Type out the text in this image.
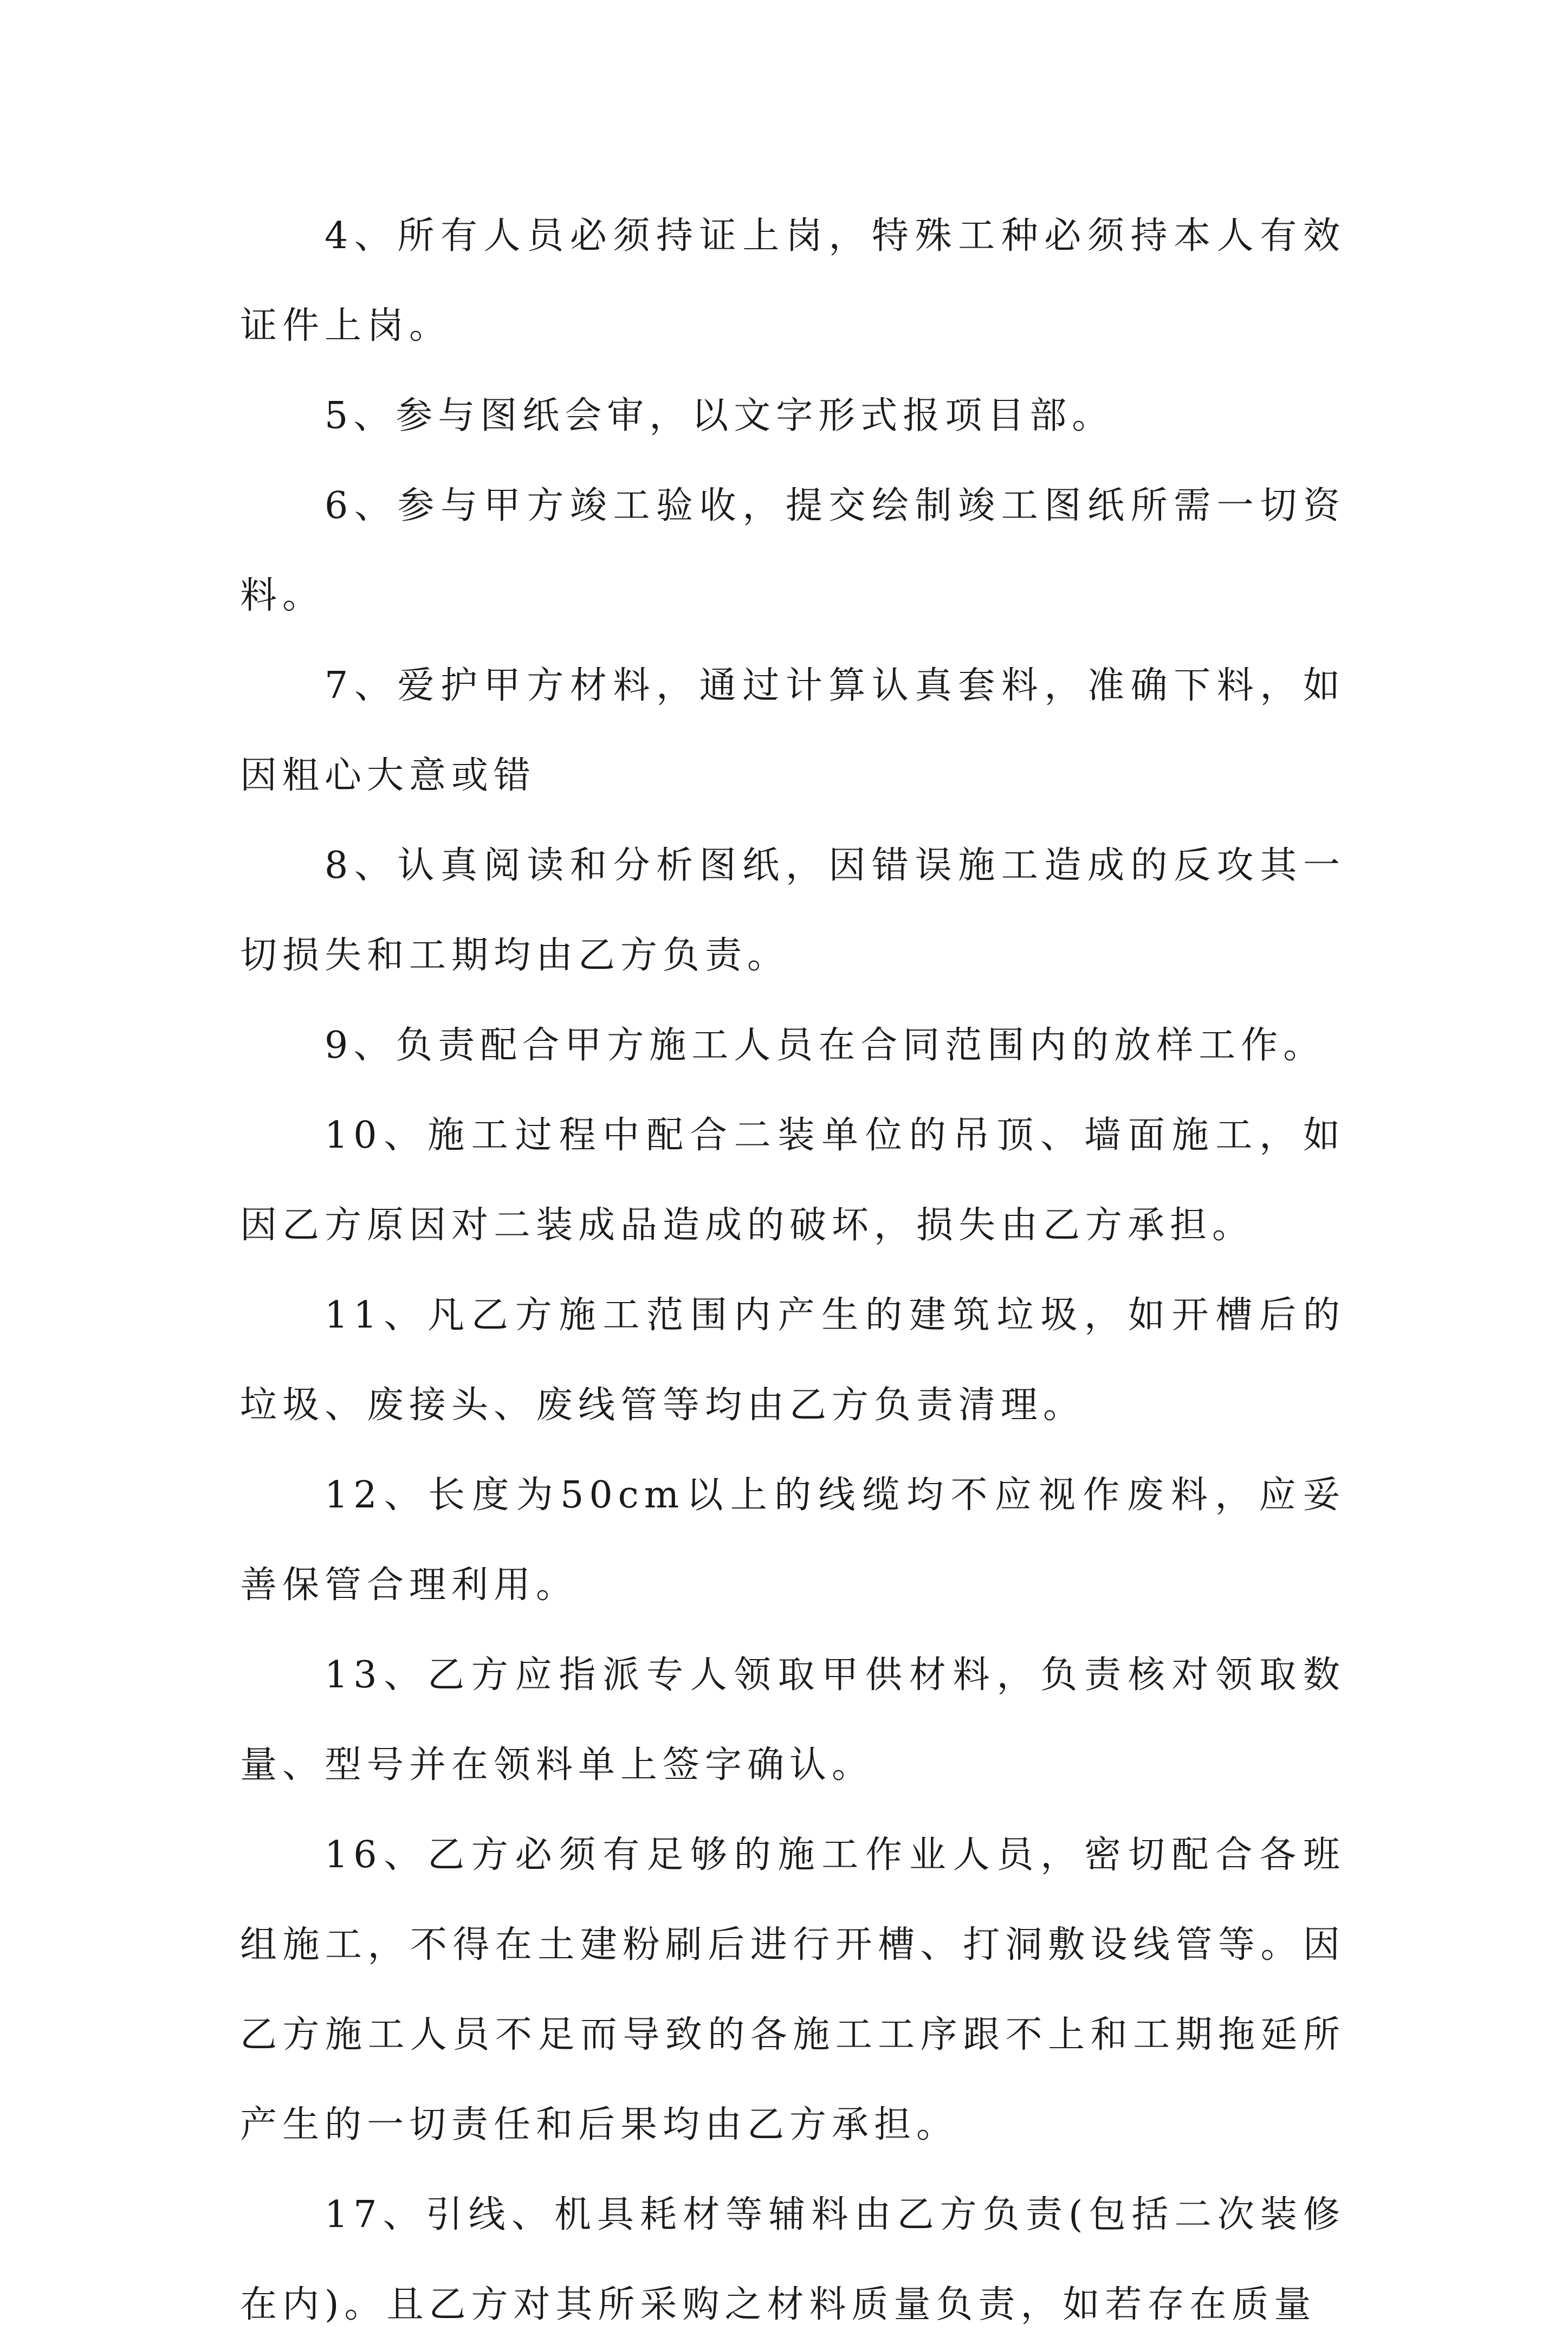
4、所有人员必须持证上岗，特殊工种必须持本人有效证件上岗。

5、参与图纸会审，以文字形式报项目部。

6、参与甲方竣工验收，提交绘制竣工图纸所需一切资料。

7、爱护甲方材料，通过计算认真套料，准确下料，如因粗心大意或错

8、认真阅读和分析图纸，因错误施工造成的反攻其一切损失和工期均由乙方负责。

9、负责配合甲方施工人员在合同范围内的放样工作。

10、施工过程中配合二装单位的吊顶、墙面施工，如因乙方原因对二装成品造成的破坏，损失由乙方承担。

11、凡乙方施工范围内产生的建筑垃圾，如开槽后的垃圾、废接头、废线管等均由乙方负责清理。

12、长度为50cm以上的线缆均不应视作废料，应妥善保管合理利用。

13、乙方应指派专人领取甲供材料，负责核对领取数量、型号并在领料单上签字确认。

16、乙方必须有足够的施工作业人员，密切配合各班组施工，不得在土建粉刷后进行开槽、打洞敷设线管等。因乙方施工人员不足而导致的各施工工序跟不上和工期拖延所产生的一切责任和后果均由乙方承担。

17、引线、机具耗材等辅料由乙方负责(包括二次装修在内)。且乙方对其所采购之材料质量负责，如若存在质量
